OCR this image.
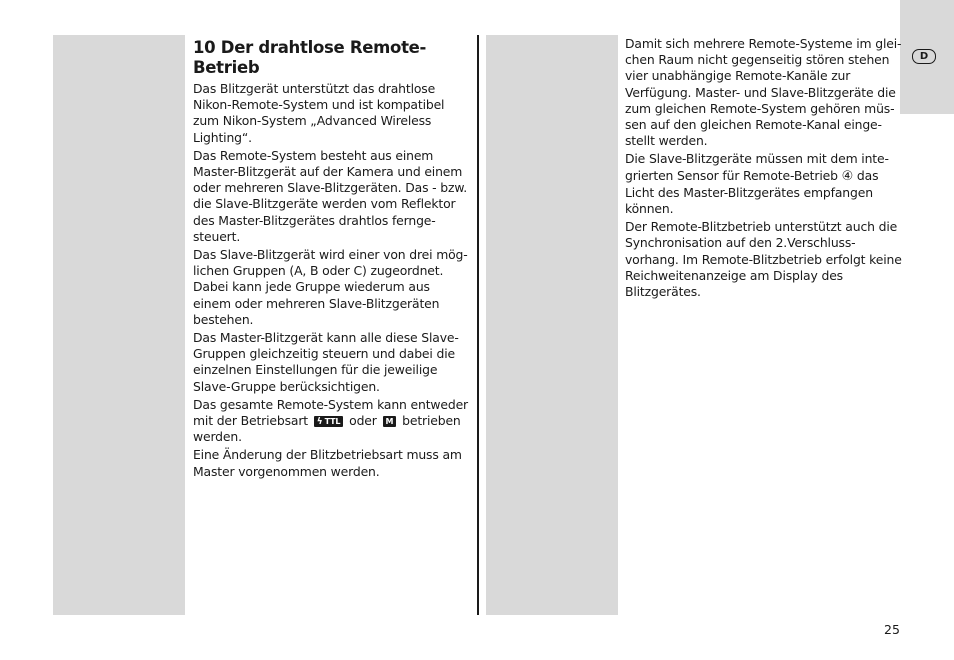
D
10 Der drahtlose Remote-Betrieb

Das Blitzgerät unterstützt das drahtlose
Nikon-Remote-System und ist kompatibel
zum Nikon-System „Advanced Wireless
Lighting“.

Das Remote-System besteht aus einem
Master-Blitzgerät auf der Kamera und einem
oder mehreren Slave-Blitzgeräten. Das - bzw.
die Slave-Blitzgeräte werden vom Reflektor
des Master-Blitzgerätes drahtlos fernge-
steuert.

Das Slave-Blitzgerät wird einer von drei mög-
lichen Gruppen (A, B oder C) zugeordnet.
Dabei kann jede Gruppe wiederum aus
einem oder mehreren Slave-Blitzgeräten
bestehen.

Das Master-Blitzgerät kann alle diese Slave-
Gruppen gleichzeitig steuern und dabei die
einzelnen Einstellungen für die jeweilige
Slave-Gruppe berücksichtigen.

Das gesamte Remote-System kann entweder
mit der Betriebsart ϟ TTL oder M betrieben
werden.

Eine Änderung der Blitzbetriebsart muss am
Master vorgenommen werden.

Damit sich mehrere Remote-Systeme im glei-
chen Raum nicht gegenseitig stören stehen
vier unabhängige Remote-Kanäle zur
Verfügung. Master- und Slave-Blitzgeräte die
zum gleichen Remote-System gehören müs-
sen auf den gleichen Remote-Kanal einge-
stellt werden.

Die Slave-Blitzgeräte müssen mit dem inte-
grierten Sensor für Remote-Betrieb ④ das
Licht des Master-Blitzgerätes empfangen
können.

Der Remote-Blitzbetrieb unterstützt auch die
Synchronisation auf den 2.Verschluss-
vorhang. Im Remote-Blitzbetrieb erfolgt keine
Reichweitenanzeige am Display des
Blitzgerätes.

25
